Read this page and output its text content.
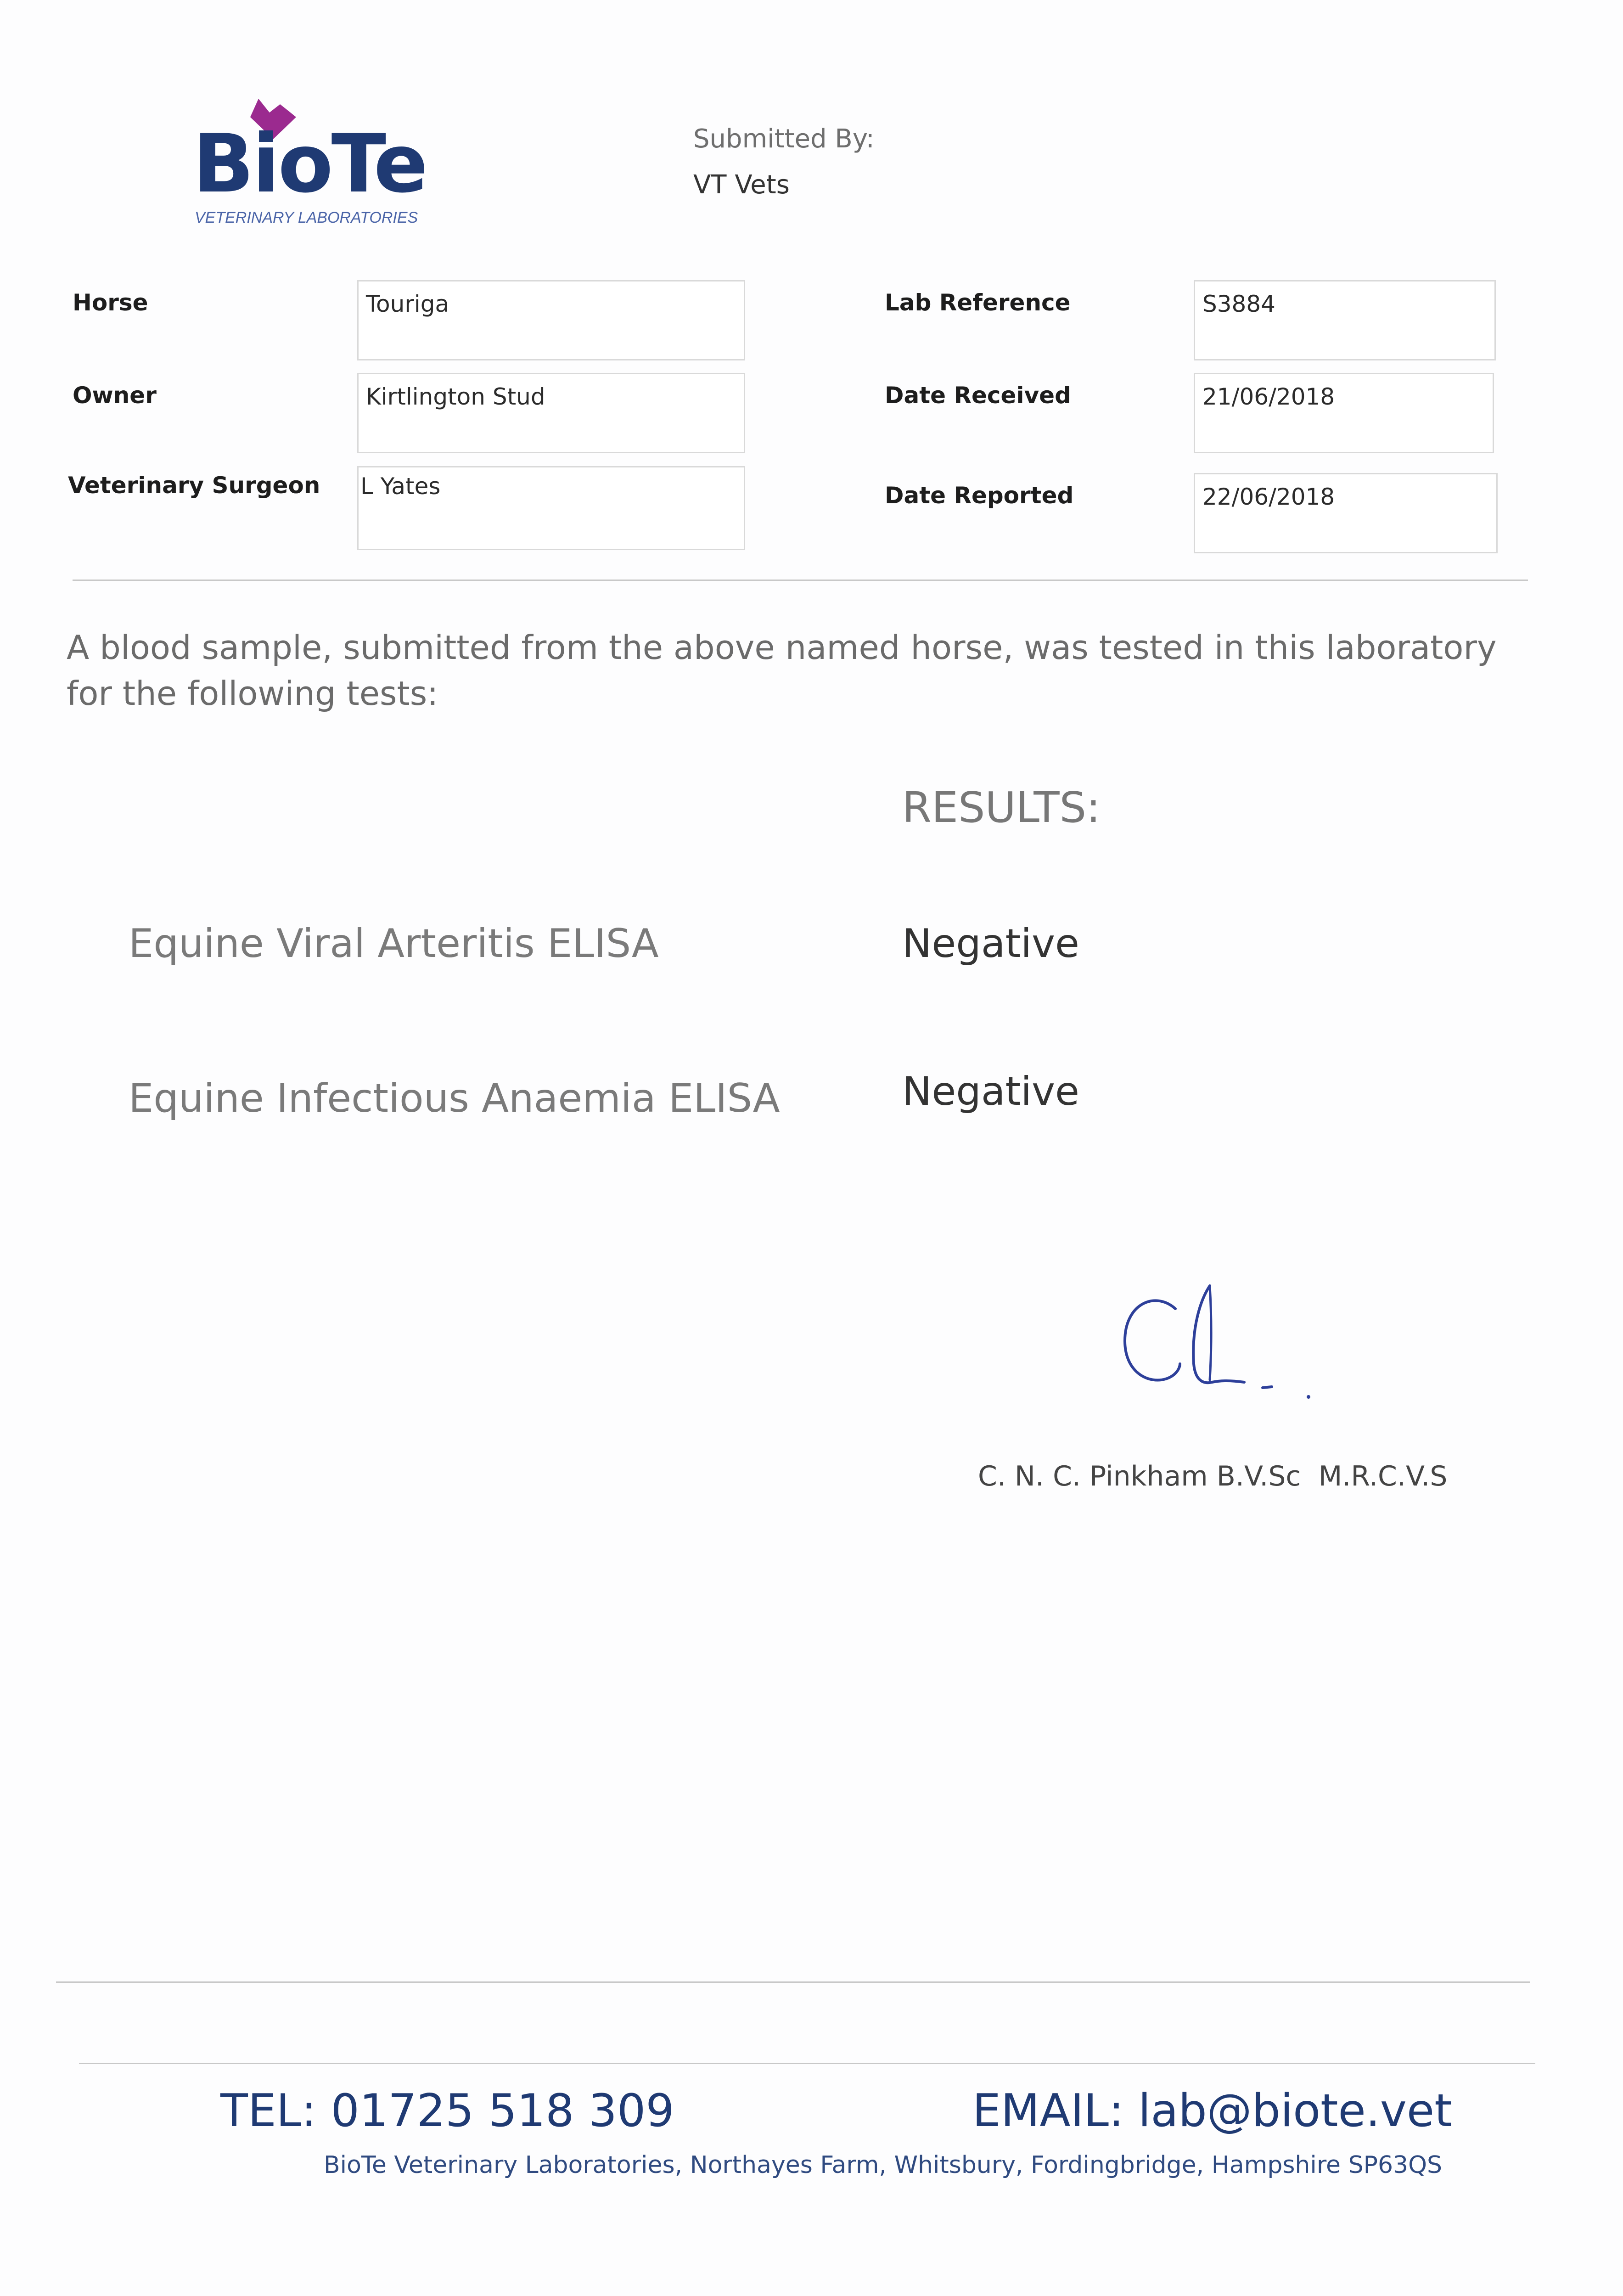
BioTe
VETERINARY LABORATORIES
Submitted By:
VT Vets
Horse	Touriga
Owner	Kirtlington Stud
Veterinary Surgeon L Yates
Lab Reference	S3884
Date Received	21/06/2018
Date Reported	22/06/2018
A blood sample, submitted from the above named horse, was tested in this laboratory for the following tests:
RESULTS:
Equine Viral Arteritis ELISA	Negative
Equine Infectious Anaemia ELISA	Negative
C. N. C. Pinkham B.V.Sc  M.R.C.V.S
TEL: 01725 518 309	EMAIL: lab@biote.vet
BioTe Veterinary Laboratories, Northayes Farm, Whitsbury, Fordingbridge, Hampshire SP63QS
